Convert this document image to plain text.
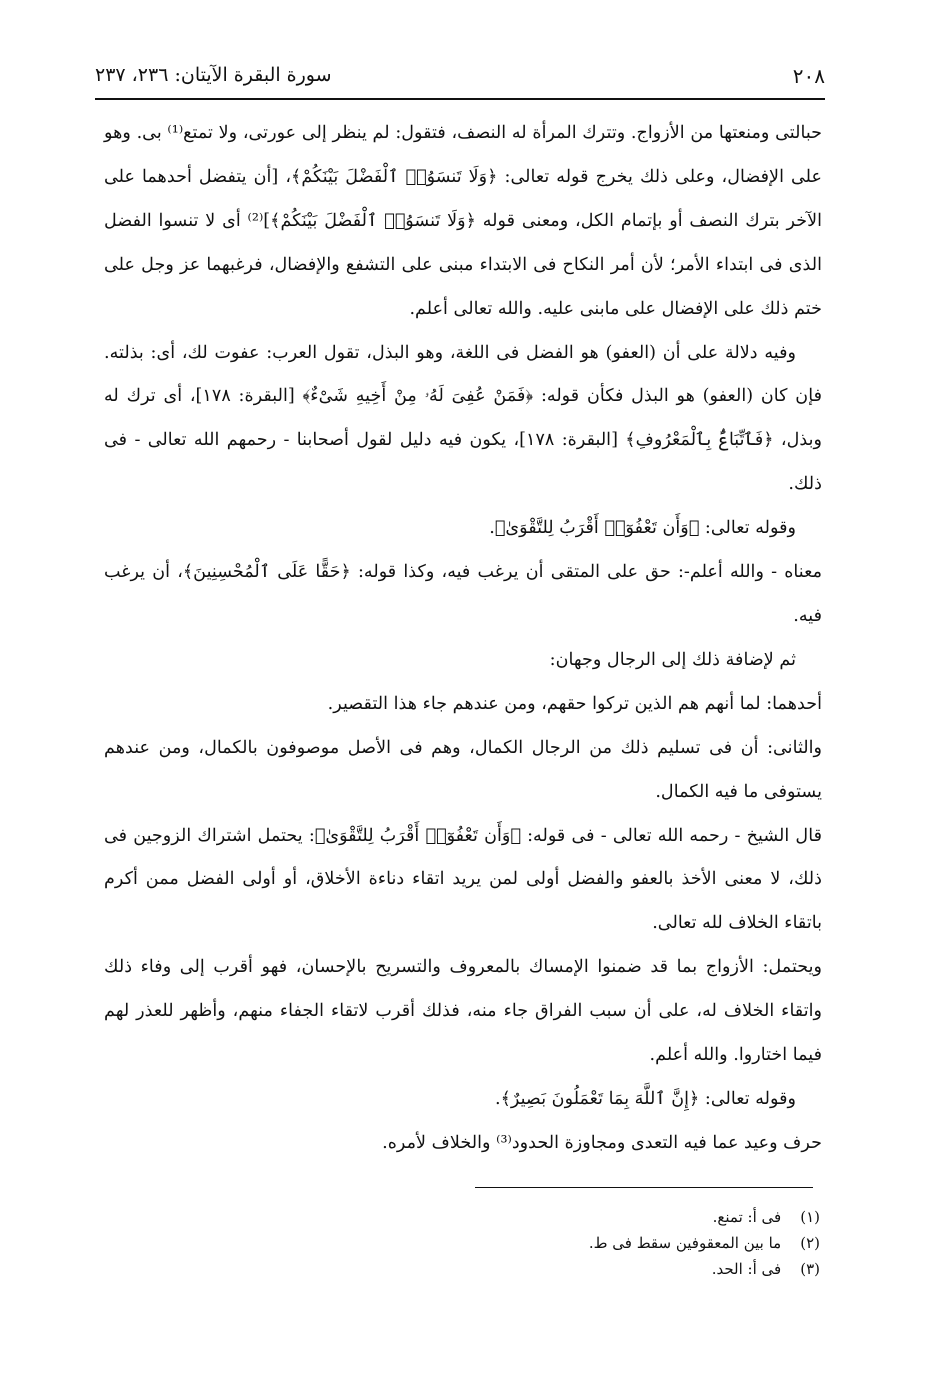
٢٠٨
سورة البقرة الآيتان: ٢٣٦، ٢٣٧

حبالتى ومنعتها من الأزواج. وتترك المرأة له النصف، فتقول: لم ينظر إلى عورتى، ولا تمتع⁽¹⁾ بى. وهو على الإفضال، وعلى ذلك يخرج قوله تعالى: ﴿وَلَا تَنسَوُا۟ ٱلْفَضْلَ بَيْنَكُمْ﴾، [أن يتفضل أحدهما على الآخر بترك النصف أو بإتمام الكل، ومعنى قوله ﴿وَلَا تَنسَوُا۟ ٱلْفَضْلَ بَيْنَكُمْ﴾]⁽²⁾ أى لا تنسوا الفضل الذى فى ابتداء الأمر؛ لأن أمر النكاح فى الابتداء مبنى على التشفع والإفضال، فرغبهما عز وجل على ختم ذلك على الإفضال على مابنى عليه. والله تعالى أعلم.

وفيه دلالة على أن (العفو) هو الفضل فى اللغة، وهو البذل، تقول العرب: عفوت لك، أى: بذلته. فإن كان (العفو) هو البذل فكأن قوله: ﴿فَمَنْ عُفِىَ لَهُۥ مِنْ أَخِيهِ شَىْءٌ﴾ [البقرة: ١٧٨]، أى ترك له وبذل، ﴿فَٱتِّبَاعٌۢ بِٱلْمَعْرُوفِ﴾ [البقرة: ١٧٨]، يكون فيه دليل لقول أصحابنا - رحمهم الله تعالى - فى ذلك.

وقوله تعالى: ﴿وَأَن تَعْفُوٓا۟ أَقْرَبُ لِلتَّقْوَىٰ﴾.

معناه - والله أعلم-: حق على المتقى أن يرغب فيه، وكذا قوله: ﴿حَقًّا عَلَى ٱلْمُحْسِنِينَ﴾، أن يرغب فيه.

ثم لإضافة ذلك إلى الرجال وجهان:

أحدهما: لما أنهم هم الذين تركوا حقهم، ومن عندهم جاء هذا التقصير.

والثانى: أن فى تسليم ذلك من الرجال الكمال، وهم فى الأصل موصوفون بالكمال، ومن عندهم يستوفى ما فيه الكمال.

قال الشيخ - رحمه الله تعالى - فى قوله: ﴿وَأَن تَعْفُوٓا۟ أَقْرَبُ لِلتَّقْوَىٰ﴾: يحتمل اشتراك الزوجين فى ذلك، لا معنى الأخذ بالعفو والفضل أولى لمن يريد اتقاء دناءة الأخلاق، أو أولى الفضل ممن أكرم باتقاء الخلاف لله تعالى.

ويحتمل: الأزواج بما قد ضمنوا الإمساك بالمعروف والتسريح بالإحسان، فهو أقرب إلى وفاء ذلك واتقاء الخلاف له، على أن سبب الفراق جاء منه، فذلك أقرب لاتقاء الجفاء منهم، وأظهر للعذر لهم فيما اختاروا. والله أعلم.

وقوله تعالى: ﴿إِنَّ ٱللَّهَ بِمَا تَعْمَلُونَ بَصِيرٌ﴾.

حرف وعيد عما فيه التعدى ومجاوزة الحدود⁽³⁾ والخلاف لأمره.

(١) فى أ: تمنع.

(٢) ما بين المعقوفين سقط فى ط.

(٣) فى أ: الحد.
